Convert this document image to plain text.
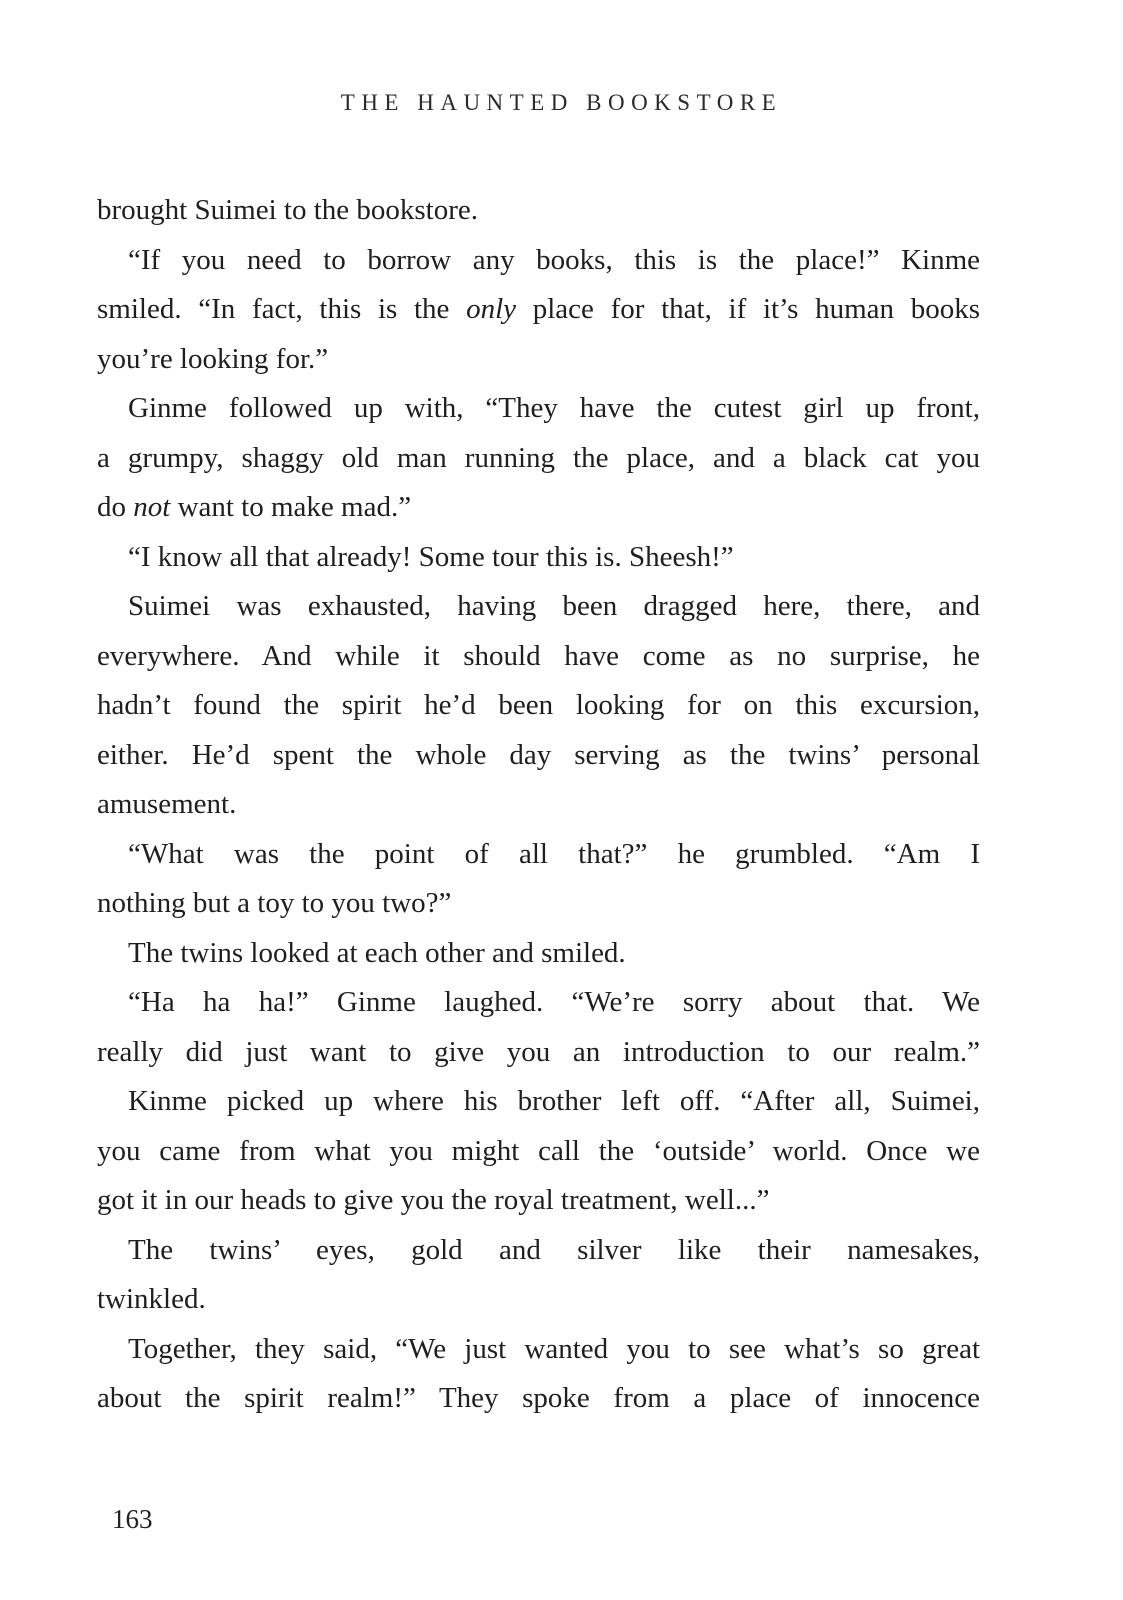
THE HAUNTED BOOKSTORE

brought Suimei to the bookstore.

“If you need to borrow any books, this is the place!” Kinme
smiled. “In fact, this is the only place for that, if it’s human books
you’re looking for.”

Ginme followed up with, “They have the cutest girl up front,
a grumpy, shaggy old man running the place, and a black cat you
do not want to make mad.”

“I know all that already! Some tour this is. Sheesh!”

Suimei was exhausted, having been dragged here, there, and
everywhere. And while it should have come as no surprise, he
hadn’t found the spirit he’d been looking for on this excursion,
either. He’d spent the whole day serving as the twins’ personal
amusement.

“What was the point of all that?” he grumbled. “Am I
nothing but a toy to you two?”

The twins looked at each other and smiled.

“Ha ha ha!” Ginme laughed. “We’re sorry about that. We
really did just want to give you an introduction to our realm.”

Kinme picked up where his brother left off. “After all, Suimei,
you came from what you might call the ‘outside’ world. Once we
got it in our heads to give you the royal treatment, well...”

The twins’ eyes, gold and silver like their namesakes,
twinkled.

Together, they said, “We just wanted you to see what’s so great
about the spirit realm!” They spoke from a place of innocence

163
